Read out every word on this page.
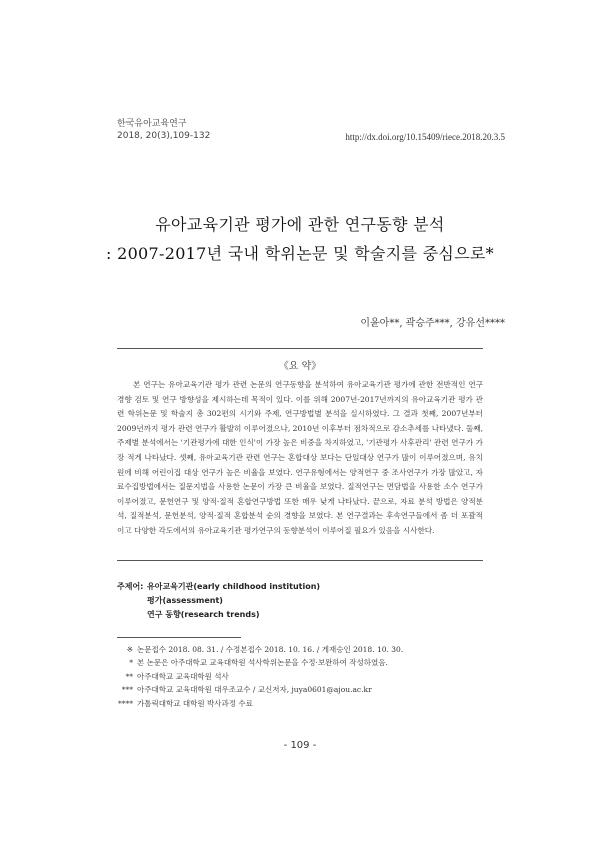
한국유아교육연구
2018, 20(3),109-132	http://dx.doi.org/10.15409/riece.2018.20.3.5
유아교육기관 평가에 관한 연구동향 분석
: 2007-2017년 국내 학위논문 및 학술지를 중심으로*
이윤아**, 곽승주***, 강유선****
《요 약》

본 연구는 유아교육기관 평가 관련 논문의 연구동향을 분석하여 유아교육기관 평가에 관한 전반적인 연구경향 검토 및 연구 방향성을 제시하는데 목적이 있다. 이를 위해 2007년-2017년까지의 유아교육기관 평가 관련 학위논문 및 학술지 총 302편의 시기와 주제, 연구방법별 분석을 실시하였다. 그 결과 첫째, 2007년부터 2009년까지 평가 관련 연구가 활발히 이루어졌으나, 2010년 이후부터 점차적으로 감소추세를 나타냈다. 둘째, 주제별 분석에서는 '기관평가에 대한 인식'이 가장 높은 비중을 차지하였고, '기관평가 사후관리' 관련 연구가 가장 적게 나타났다. 셋째, 유아교육기관 관련 연구는 혼합대상 보다는 단일대상 연구가 많이 이루어졌으며, 유치원에 비해 어린이집 대상 연구가 높은 비율을 보였다. 연구유형에서는 양적연구 중 조사연구가 가장 많았고, 자료수집방법에서는 질문지법을 사용한 논문이 가장 큰 비율을 보였다. 질적연구는 면담법을 사용한 소수 연구가 이루어졌고, 문헌연구 및 양적·질적 혼합연구방법 또한 매우 낮게 나타났다. 끝으로, 자료 분석 방법은 양적분석, 질적분석, 문헌분석, 양적·질적 혼합분석 순의 경향을 보였다. 본 연구결과는 후속연구들에서 좀 더 포괄적이고 다양한 각도에서의 유아교육기관 평가연구의 동향분석이 이루어질 필요가 있음을 시사한다.

주제어: 유아교육기관(early childhood institution)
평가(assessment)
연구 동향(research trends)
※ 논문접수 2018. 08. 31. / 수정본접수 2018. 10. 16. / 게재승인 2018. 10. 30.
* 본 논문은 아주대학교 교육대학원 석사학위논문을 수정·보완하여 작성하였음.
** 아주대학교 교육대학원 석사
*** 아주대학교 교육대학원 대우조교수 / 교신저자, juya0601@ajou.ac.kr
**** 가톨릭대학교 대학원 박사과정 수료
- 109 -
